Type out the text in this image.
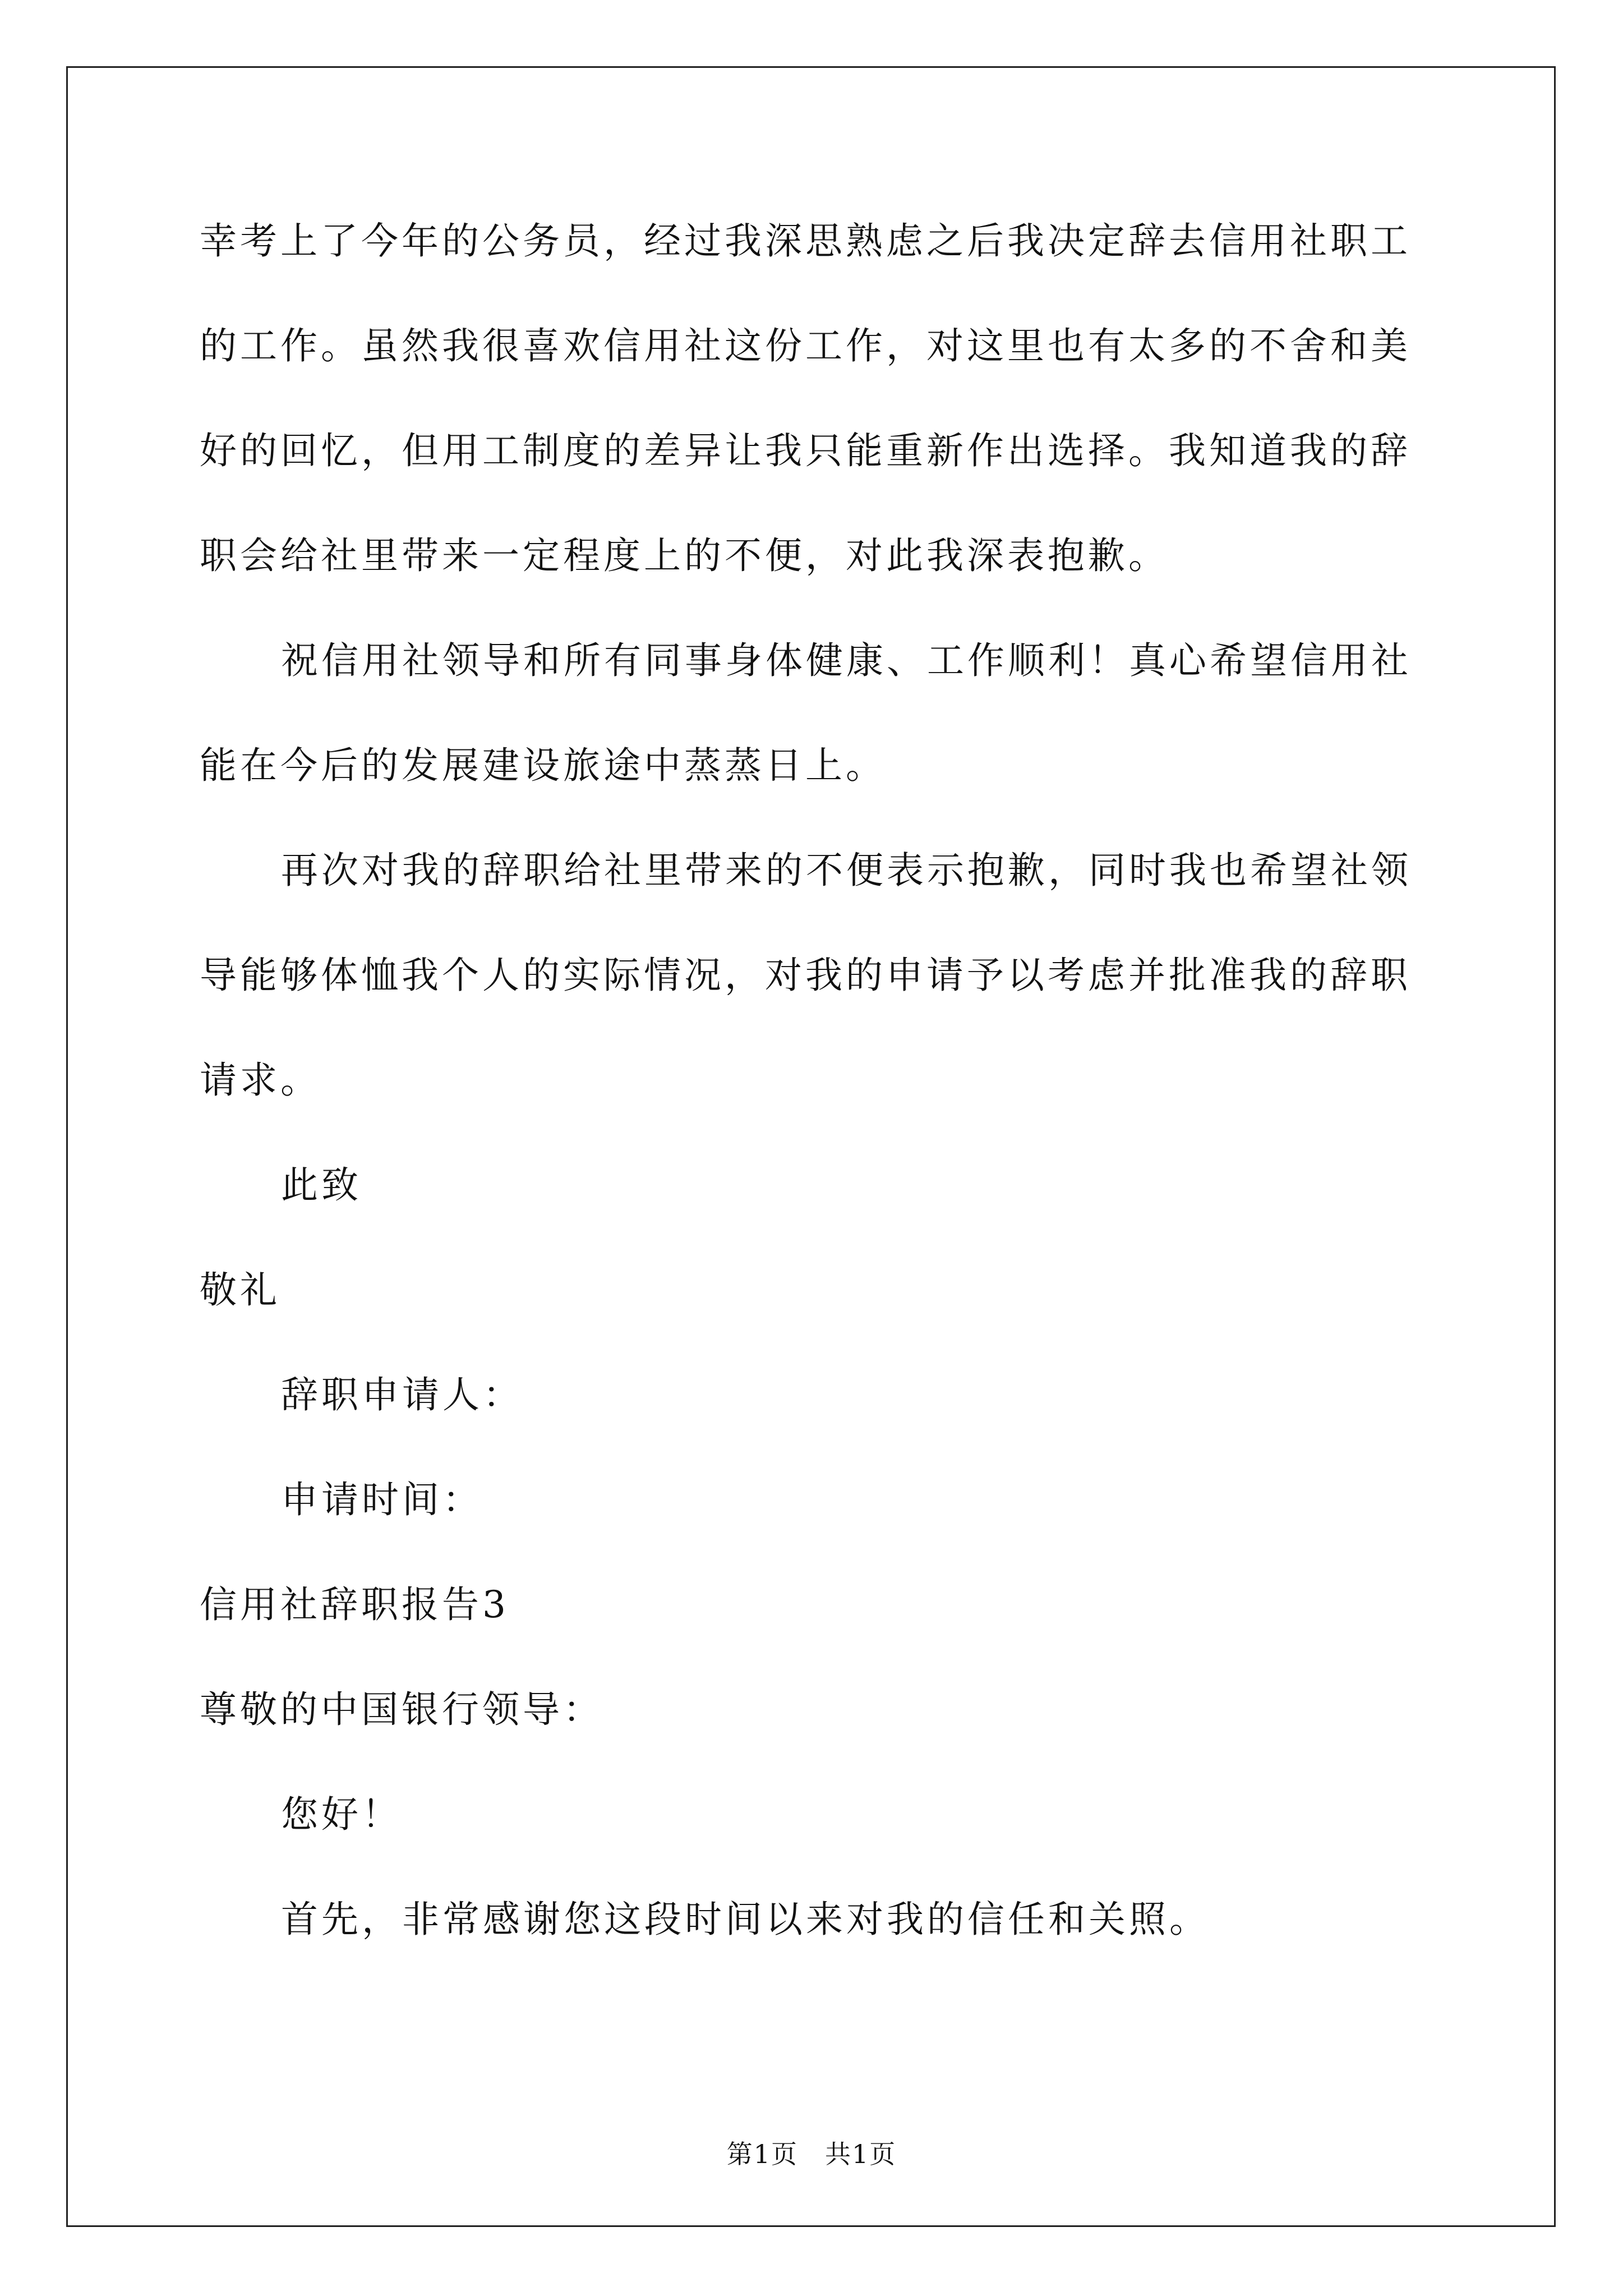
幸考上了今年的公务员，经过我深思熟虑之后我决定辞去信用社职工
的工作。虽然我很喜欢信用社这份工作，对这里也有太多的不舍和美
好的回忆，但用工制度的差异让我只能重新作出选择。我知道我的辞
职会给社里带来一定程度上的不便，对此我深表抱歉。
祝信用社领导和所有同事身体健康、工作顺利！真心希望信用社
能在今后的发展建设旅途中蒸蒸日上。
再次对我的辞职给社里带来的不便表示抱歉，同时我也希望社领
导能够体恤我个人的实际情况，对我的申请予以考虑并批准我的辞职
请求。
此致
敬礼
辞职申请人：
申请时间：
信用社辞职报告3
尊敬的中国银行领导：
您好！
首先，非常感谢您这段时间以来对我的信任和关照。
第1页　共1页
